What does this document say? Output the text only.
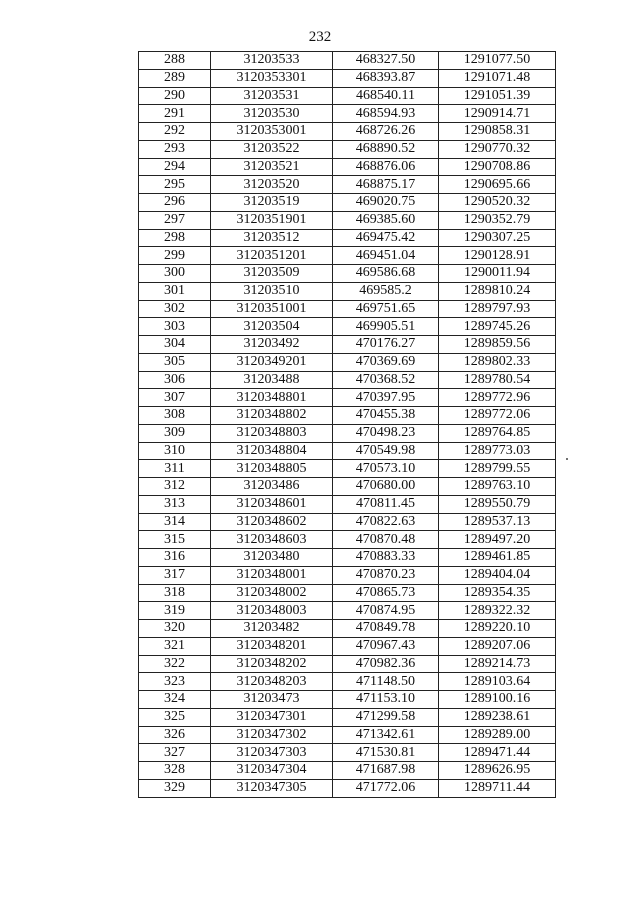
232
288	31203533	468327.50	1291077.50
289	3120353301	468393.87	1291071.48
290	31203531	468540.11	1291051.39
291	31203530	468594.93	1290914.71
292	3120353001	468726.26	1290858.31
293	31203522	468890.52	1290770.32
294	31203521	468876.06	1290708.86
295	31203520	468875.17	1290695.66
296	31203519	469020.75	1290520.32
297	3120351901	469385.60	1290352.79
298	31203512	469475.42	1290307.25
299	3120351201	469451.04	1290128.91
300	31203509	469586.68	1290011.94
301	31203510	469585.2	1289810.24
302	3120351001	469751.65	1289797.93
303	31203504	469905.51	1289745.26
304	31203492	470176.27	1289859.56
305	3120349201	470369.69	1289802.33
306	31203488	470368.52	1289780.54
307	3120348801	470397.95	1289772.96
308	3120348802	470455.38	1289772.06
309	3120348803	470498.23	1289764.85
310	3120348804	470549.98	1289773.03
311	3120348805	470573.10	1289799.55
312	31203486	470680.00	1289763.10
313	3120348601	470811.45	1289550.79
314	3120348602	470822.63	1289537.13
315	3120348603	470870.48	1289497.20
316	31203480	470883.33	1289461.85
317	3120348001	470870.23	1289404.04
318	3120348002	470865.73	1289354.35
319	3120348003	470874.95	1289322.32
320	31203482	470849.78	1289220.10
321	3120348201	470967.43	1289207.06
322	3120348202	470982.36	1289214.73
323	3120348203	471148.50	1289103.64
324	31203473	471153.10	1289100.16
325	3120347301	471299.58	1289238.61
326	3120347302	471342.61	1289289.00
327	3120347303	471530.81	1289471.44
328	3120347304	471687.98	1289626.95
329	3120347305	471772.06	1289711.44
